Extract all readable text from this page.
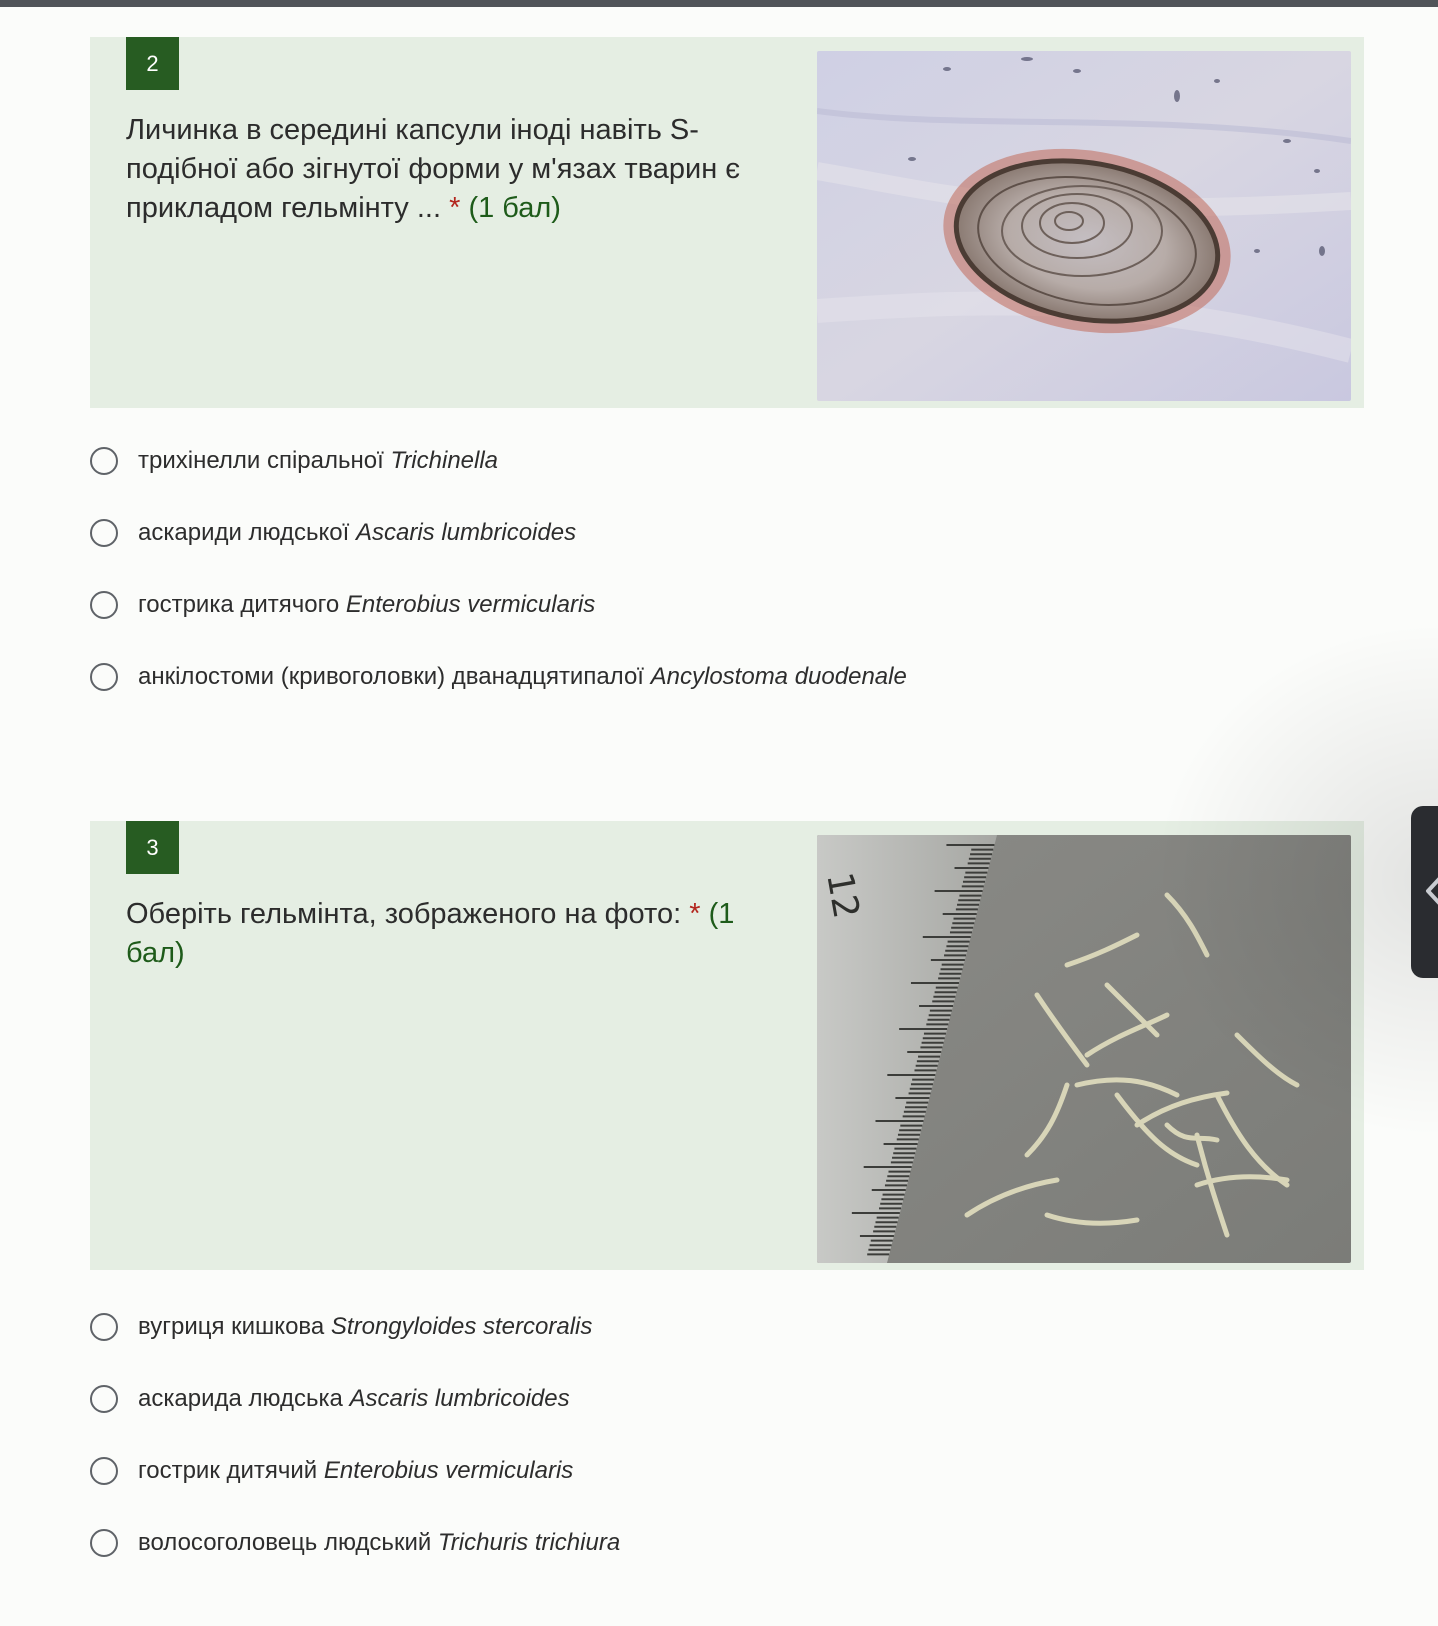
2
Личинка в середині капсули іноді навіть S-подібної або зігнутої форми у м'язах тварин є прикладом гельмінту ... * (1 бал)
трихінелли спіральної Trichinella
аскариди людської Ascaris lumbricoides
гострика дитячого Enterobius vermicularis
анкілостоми (кривоголовки) дванадцятипалої Ancylostoma duodenale
3
Оберіть гельмінта, зображеного на фото: * (1 бал)
12
вугриця кишкова Strongyloides stercoralis
аскарида людська Ascaris lumbricoides
гострик дитячий Enterobius vermicularis
волосоголовець людський Trichuris trichiura
